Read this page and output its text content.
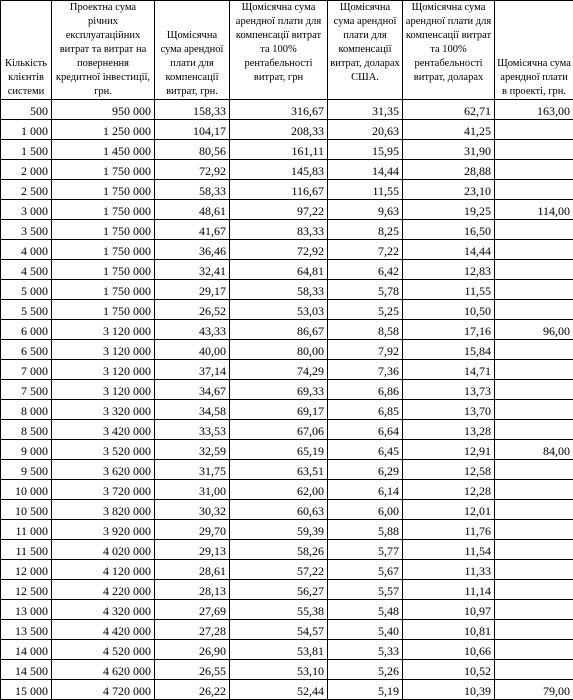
Кількість клієнтів системи	Проектна сума річних експлуатаційних витрат та витрат на повернення кредитної інвестиції, грн.	Щомісячна сума арендної плати для компенсації витрат, грн.	Щомісячна сума арендної плати для компенсації витрат та 100% рентабельності витрат, грн	Щомісячна сума арендної плати для компенсації витрат, доларах США.	Щомісячна сума арендної плати для компенсації витрат та 100% рентабельності витрат, доларах	Щомісячна сума арендної плати в проекті, грн.
500	950 000	158,33	316,67	31,35	62,71	163,00
1 000	1 250 000	104,17	208,33	20,63	41,25	
1 500	1 450 000	80,56	161,11	15,95	31,90	
2 000	1 750 000	72,92	145,83	14,44	28,88	
2 500	1 750 000	58,33	116,67	11,55	23,10	
3 000	1 750 000	48,61	97,22	9,63	19,25	114,00
3 500	1 750 000	41,67	83,33	8,25	16,50	
4 000	1 750 000	36,46	72,92	7,22	14,44	
4 500	1 750 000	32,41	64,81	6,42	12,83	
5 000	1 750 000	29,17	58,33	5,78	11,55	
5 500	1 750 000	26,52	53,03	5,25	10,50	
6 000	3 120 000	43,33	86,67	8,58	17,16	96,00
6 500	3 120 000	40,00	80,00	7,92	15,84	
7 000	3 120 000	37,14	74,29	7,36	14,71	
7 500	3 120 000	34,67	69,33	6,86	13,73	
8 000	3 320 000	34,58	69,17	6,85	13,70	
8 500	3 420 000	33,53	67,06	6,64	13,28	
9 000	3 520 000	32,59	65,19	6,45	12,91	84,00
9 500	3 620 000	31,75	63,51	6,29	12,58	
10 000	3 720 000	31,00	62,00	6,14	12,28	
10 500	3 820 000	30,32	60,63	6,00	12,01	
11 000	3 920 000	29,70	59,39	5,88	11,76	
11 500	4 020 000	29,13	58,26	5,77	11,54	
12 000	4 120 000	28,61	57,22	5,67	11,33	
12 500	4 220 000	28,13	56,27	5,57	11,14	
13 000	4 320 000	27,69	55,38	5,48	10,97	
13 500	4 420 000	27,28	54,57	5,40	10,81	
14 000	4 520 000	26,90	53,81	5,33	10,66	
14 500	4 620 000	26,55	53,10	5,26	10,52	
15 000	4 720 000	26,22	52,44	5,19	10,39	79,00
